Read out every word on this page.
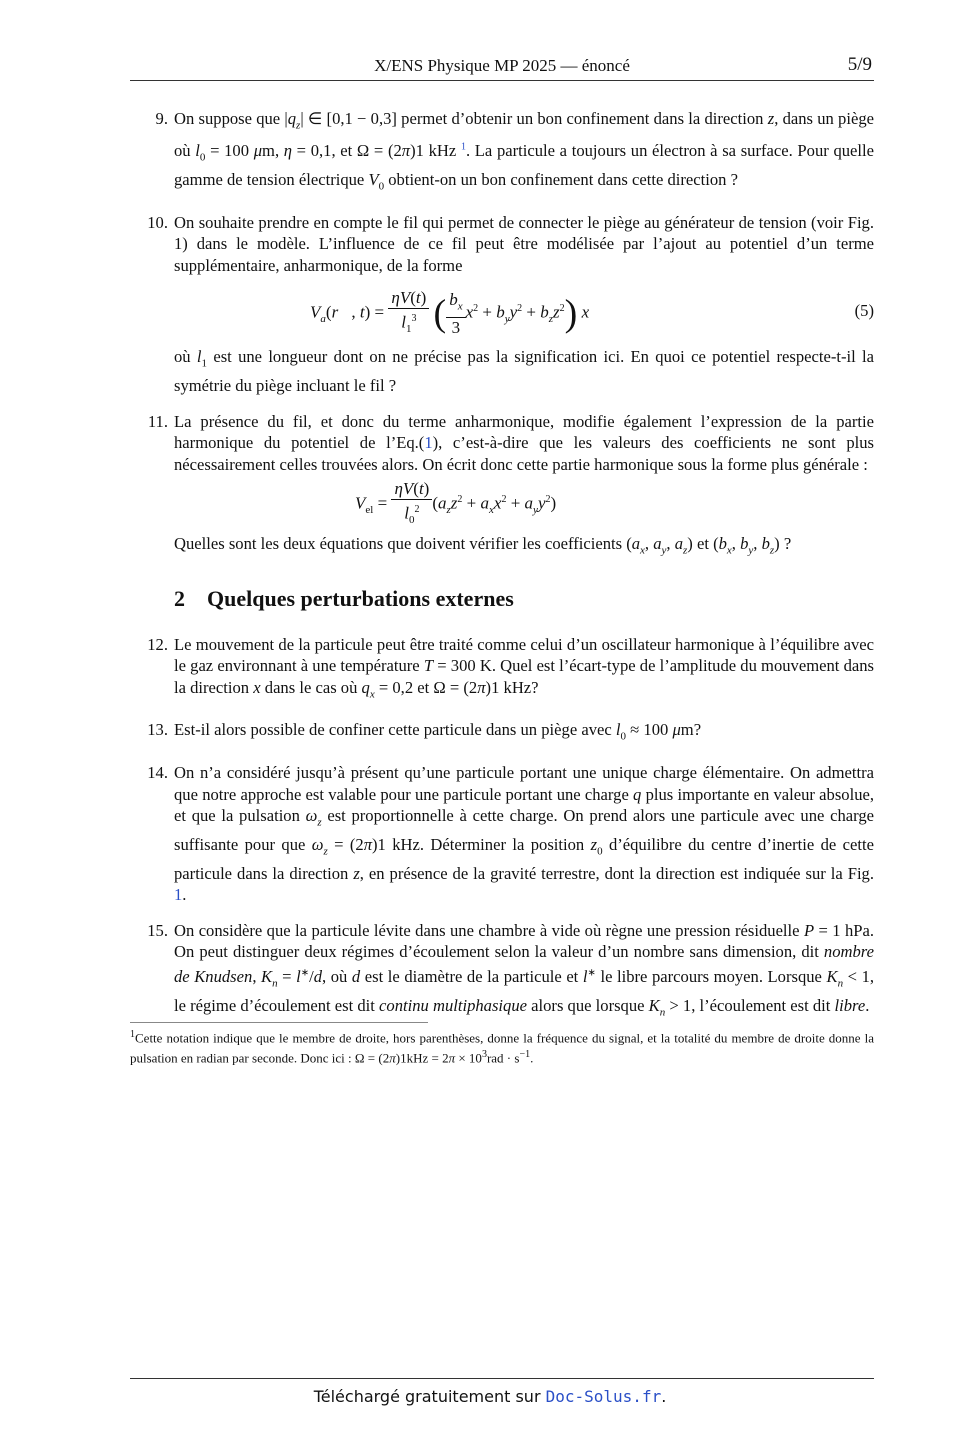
X/ENS Physique MP 2025 — énoncé	5/9
9. On suppose que $|q_z|$ ∈ [0,1 − 0,3] permet d’obtenir un bon confinement dans la direction z, dans un piège où $l_0 = 100$ μm, η = 0,1, et Ω = (2π)1 kHz $^1$. La particule a toujours un électron à sa surface. Pour quelle gamme de tension électrique $V_0$ obtient-on un bon confinement dans cette direction ?
10. On souhaite prendre en compte le fil qui permet de connecter le piège au générateur de tension (voir Fig. 1) dans le modèle. L’influence de ce fil peut être modélisée par l’ajout au potentiel d’un terme supplémentaire, anharmonique, de la forme
$V_a(r⃗$, $t) = \frac{\eta V(t)}{l_1^3}$ ( $\frac{b_x}{3} x^2 + b_yy^2 + b_zz^2$) x	(5)
où $l_1$ est une longueur dont on ne précise pas la signification ici. En quoi ce potentiel respecte-t-il la symétrie du piège incluant le fil ?
11. La présence du fil, et donc du terme anharmonique, modifie également l’expression de la partie harmonique du potentiel de l’Eq.(1), c’est-à-dire que les valeurs des coefficients ne sont plus nécessairement celles trouvées alors. On écrit donc cette partie harmonique sous la forme plus générale :
$V_{el} = \frac{\eta V(t)}{l_0^2} (a_zz^2 + a_xx^2 + a_yy^2)$
Quelles sont les deux équations que doivent vérifier les coefficients ($a_x$, $a_y$, $a_z$) et ($b_x$, $b_y$, $b_z$) ?
2 Quelques perturbations externes
12. Le mouvement de la particule peut être traité comme celui d’un oscillateur harmonique à l’équilibre avec le gaz environnant à une température T = 300 K. Quel est l’écart-type de l’amplitude du mouvement dans la direction x dans le cas où $q_x = 0,2$ et Ω = (2π)1 kHz?
13. Est-il alors possible de confiner cette particule dans un piège avec $l_0 \approx 100$ μm?
14. On n’a considéré jusqu’à présent qu’une particule portant une unique charge élémentaire. On admettra que notre approche est valable pour une particule portant une charge q plus importante en valeur absolue, et que la pulsation $\omega_z$ est proportionnelle à cette charge. On prend alors une particule avec une charge suffisante pour que $\omega_z = (2\pi)1$ kHz. Déterminer la position $z_0$ d’équilibre du centre d’inertie de cette particule dans la direction z, en présence de la gravité terrestre, dont la direction est indiquée sur la Fig. 1.
15. On considère que la particule lévite dans une chambre à vide où règne une pression résiduelle P = 1 hPa. On peut distinguer deux régimes d’écoulement selon la valeur d’un nombre sans dimension, dit nombre de Knudsen, $K_n = l^∗/d$, où d est le diamètre de la particule et l∗ le libre parcours moyen. Lorsque $K_n < 1$, le régime d’écoulement est dit continu multiphasique alors que lorsque $K_n > 1$, l’écoulement est dit libre.
$^1$Cette notation indique que le membre de droite, hors parenthèses, donne la fréquence du signal, et la totalité du membre de droite donne la pulsation en radian par seconde. Donc ici : $\Omega = (2\pi)1kHz = 2\pi \times 10^3rad \cdot s^{-1}$.
Téléchargé gratuitement sur Doc-Solus.fr.
